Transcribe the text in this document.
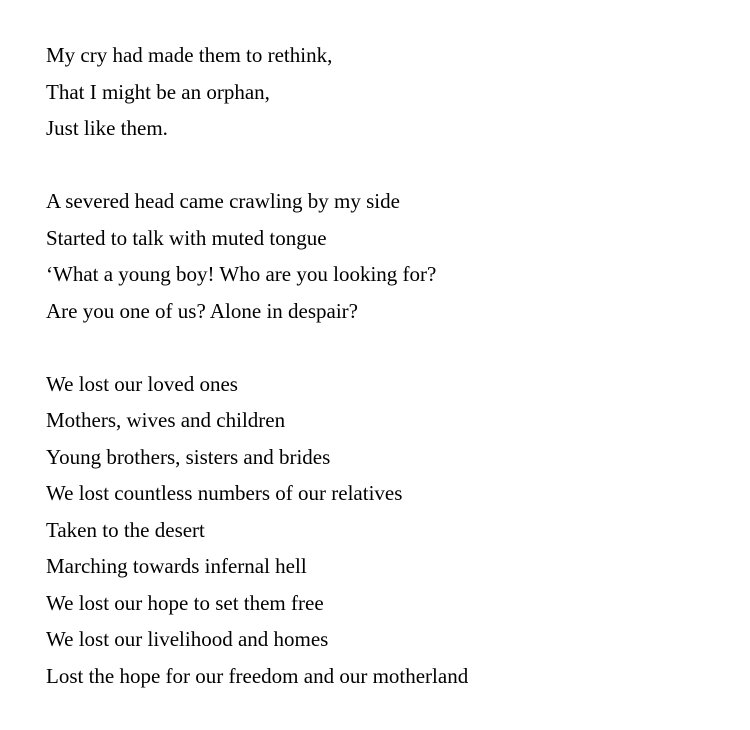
My cry had made them to rethink,
That I might be an orphan,
Just like them.
A severed head came crawling by my side
Started to talk with muted tongue
‘What a young boy! Who are you looking for?
Are you one of us? Alone in despair?
We lost our loved ones
Mothers, wives and children
Young brothers, sisters and brides
We lost countless numbers of our relatives
Taken to the desert
Marching towards infernal hell
We lost our hope to set them free
We lost our livelihood and homes
Lost the hope for our freedom and our motherland
